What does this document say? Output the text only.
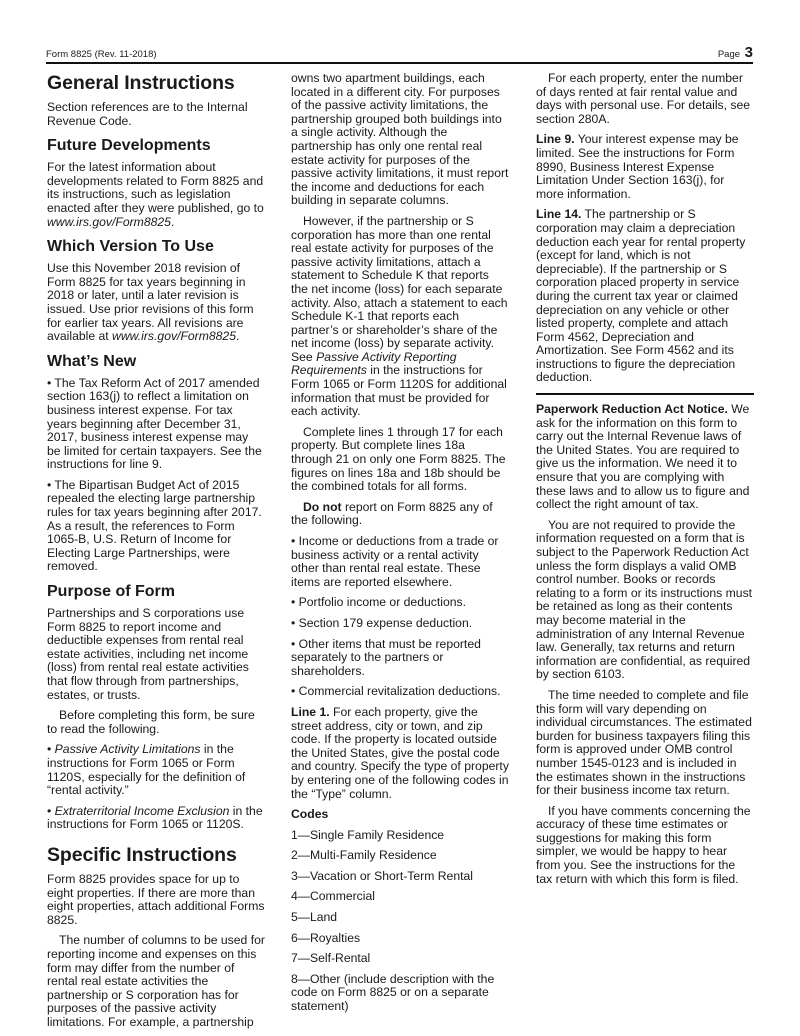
Form 8825 (Rev. 11-2018)	Page 3
General Instructions

Section references are to the Internal Revenue Code.

Future Developments

For the latest information about developments related to Form 8825 and its instructions, such as legislation enacted after they were published, go to www.irs.gov/Form8825.

Which Version To Use

Use this November 2018 revision of Form 8825 for tax years beginning in 2018 or later, until a later revision is issued. Use prior revisions of this form for earlier tax years. All revisions are available at www.irs.gov/Form8825.

What’s New

• The Tax Reform Act of 2017 amended section 163(j) to reflect a limitation on business interest expense. For tax years beginning after December 31, 2017, business interest expense may be limited for certain taxpayers. See the instructions for line 9.

• The Bipartisan Budget Act of 2015 repealed the electing large partnership rules for tax years beginning after 2017. As a result, the references to Form 1065-B, U.S. Return of Income for Electing Large Partnerships, were removed.

Purpose of Form

Partnerships and S corporations use Form 8825 to report income and deductible expenses from rental real estate activities, including net income (loss) from rental real estate activities that flow through from partnerships, estates, or trusts.

Before completing this form, be sure to read the following.

• Passive Activity Limitations in the instructions for Form 1065 or Form 1120S, especially for the definition of “rental activity.”

• Extraterritorial Income Exclusion in the instructions for Form 1065 or 1120S.

Specific Instructions

Form 8825 provides space for up to eight properties. If there are more than eight properties, attach additional Forms 8825.

The number of columns to be used for reporting income and expenses on this form may differ from the number of rental real estate activities the partnership or S corporation has for purposes of the passive activity limitations. For example, a partnership

owns two apartment buildings, each located in a different city. For purposes of the passive activity limitations, the partnership grouped both buildings into a single activity. Although the partnership has only one rental real estate activity for purposes of the passive activity limitations, it must report the income and deductions for each building in separate columns.

However, if the partnership or S corporation has more than one rental real estate activity for purposes of the passive activity limitations, attach a statement to Schedule K that reports the net income (loss) for each separate activity. Also, attach a statement to each Schedule K-1 that reports each partner’s or shareholder’s share of the net income (loss) by separate activity. See Passive Activity Reporting Requirements in the instructions for Form 1065 or Form 1120S for additional information that must be provided for each activity.

Complete lines 1 through 17 for each property. But complete lines 18a through 21 on only one Form 8825. The figures on lines 18a and 18b should be the combined totals for all forms.

Do not report on Form 8825 any of the following.

• Income or deductions from a trade or business activity or a rental activity other than rental real estate. These items are reported elsewhere.

• Portfolio income or deductions.

• Section 179 expense deduction.

• Other items that must be reported separately to the partners or shareholders.

• Commercial revitalization deductions.

Line 1. For each property, give the street address, city or town, and zip code. If the property is located outside the United States, give the postal code and country. Specify the type of property by entering one of the following codes in the “Type” column.

Codes

1—Single Family Residence

2—Multi-Family Residence

3—Vacation or Short-Term Rental

4—Commercial

5—Land

6—Royalties

7—Self-Rental

8—Other (include description with the code on Form 8825 or on a separate statement)

For each property, enter the number of days rented at fair rental value and days with personal use. For details, see section 280A.

Line 9. Your interest expense may be limited. See the instructions for Form 8990, Business Interest Expense Limitation Under Section 163(j), for more information.

Line 14. The partnership or S corporation may claim a depreciation deduction each year for rental property (except for land, which is not depreciable). If the partnership or S corporation placed property in service during the current tax year or claimed depreciation on any vehicle or other listed property, complete and attach Form 4562, Depreciation and Amortization. See Form 4562 and its instructions to figure the depreciation deduction.

Paperwork Reduction Act Notice. We ask for the information on this form to carry out the Internal Revenue laws of the United States. You are required to give us the information. We need it to ensure that you are complying with these laws and to allow us to figure and collect the right amount of tax.

You are not required to provide the information requested on a form that is subject to the Paperwork Reduction Act unless the form displays a valid OMB control number. Books or records relating to a form or its instructions must be retained as long as their contents may become material in the administration of any Internal Revenue law. Generally, tax returns and return information are confidential, as required by section 6103.

The time needed to complete and file this form will vary depending on individual circumstances. The estimated burden for business taxpayers filing this form is approved under OMB control number 1545-0123 and is included in the estimates shown in the instructions for their business income tax return.

If you have comments concerning the accuracy of these time estimates or suggestions for making this form simpler, we would be happy to hear from you. See the instructions for the tax return with which this form is filed.
